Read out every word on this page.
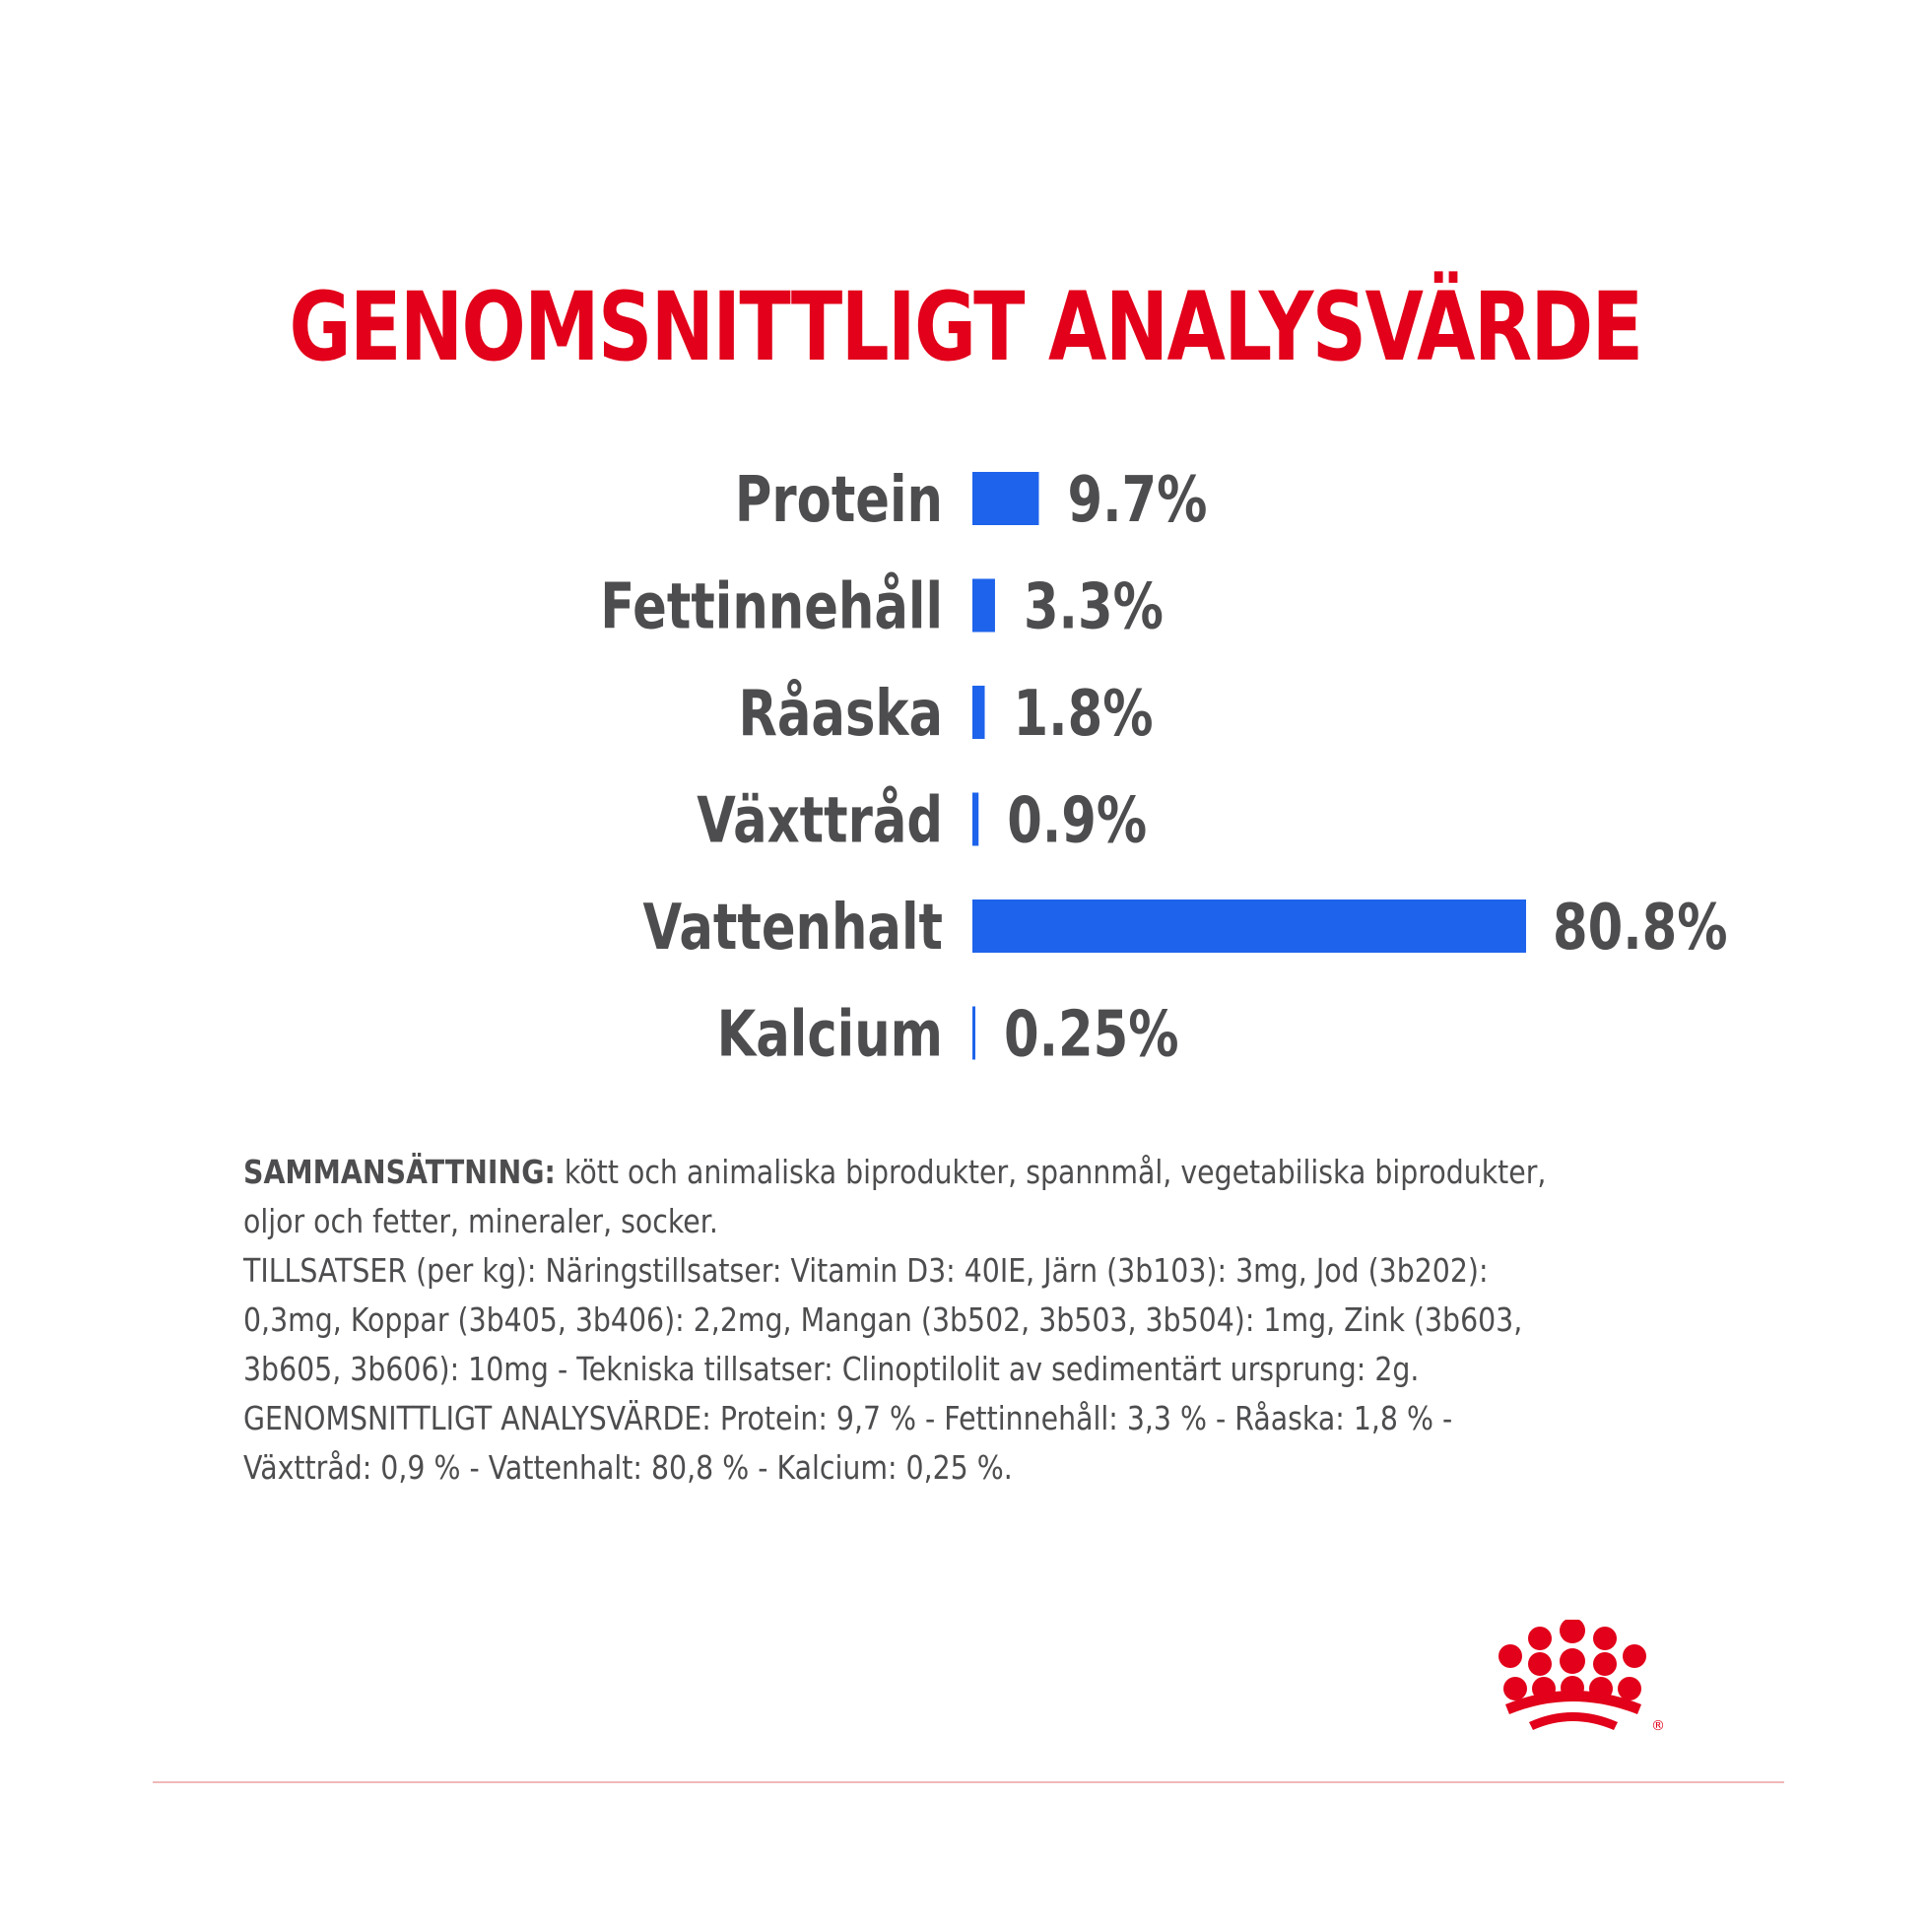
GENOMSNITTLIGT ANALYSVÄRDE
Protein 9.7%
Fettinnehåll 3.3%
Råaska 1.8%
Växttråd 0.9%
Vattenhalt	80.8%
Kalcium 0.25%
SAMMANSÄTTNING: kött och animaliska biprodukter, spannmål, vegetabiliska biprodukter,
oljor och fetter, mineraler, socker.
TILLSATSER (per kg): Näringstillsatser: Vitamin D3: 40IE, Järn (3b103): 3mg, Jod (3b202):
0,3mg, Koppar (3b405, 3b406): 2,2mg, Mangan (3b502, 3b503, 3b504): 1mg, Zink (3b603,
3b605, 3b606): 10mg - Tekniska tillsatser: Clinoptilolit av sedimentärt ursprung: 2g.
GENOMSNITTLIGT ANALYSVÄRDE: Protein: 9,7 % - Fettinnehåll: 3,3 % - Råaska: 1,8 % -
Växttråd: 0,9 % - Vattenhalt: 80,8 % - Kalcium: 0,25 %.
®
